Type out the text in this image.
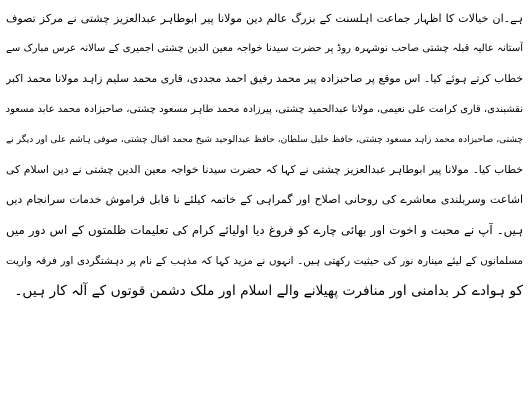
ہے۔ان خیالات کا اظہار جماعت اہلسنت کے بزرگ عالم دین مولانا پیر ابوطاہر عبدالعزیز چشتی نے مرکز تصوف
آستانہ عالیہ قبلہ چشتی صاحب نوشہرہ روڈ پر حضرت سیدنا خواجہ معین الدین چشتی اجمیری کے سالانہ عرس مبارک سے
خطاب کرتے ہوئے کیا۔ اس موقع پر صاحبزادہ پیر محمد رفیق احمد مجددی، قاری محمد سلیم زاہد مولانا محمد اکبر
نقشبندی، قاری کرامت علی نعیمی، مولانا عبدالحمید چشتی، پیرزادہ محمد طاہر مسعود چشتی، صاحبزادہ محمد عابد مسعود
چشتی، صاحبزادہ محمد زاہد مسعود چشتی، حافظ خلیل سلطان، حافظ عبدالوحید شیخ محمد اقبال چشتی، صوفی ہاشم علی اور دیگر نے
خطاب کیا۔ مولانا پیر ابوطاہر عبدالعزیز چشتی نے کہا کہ حضرت سیدنا خواجہ معین الدین چشتی نے دین اسلام کی
اشاعت وسربلندی معاشرے کی روحانی اصلاح اور گمراہی کے خاتمہ کیلئے نا قابل فراموش خدمات سرانجام دیں
ہیں۔ آپ نے محبت و اخوت اور بھائی چارے کو فروغ دیا اولیائے کرام کی تعلیمات ظلمتوں کے اس دور میں
مسلمانوں کے لیئے مینارہ نور کی حیثیت رکھتی ہیں۔ انہوں نے مزید کہا کہ مذہب کے نام پر دہشتگردی اور فرقہ واریت
کو ہوادے کر بدامنی اور منافرت پھیلانے والے اسلام اور ملک دشمن قوتوں کے آلہ کار ہیں۔
